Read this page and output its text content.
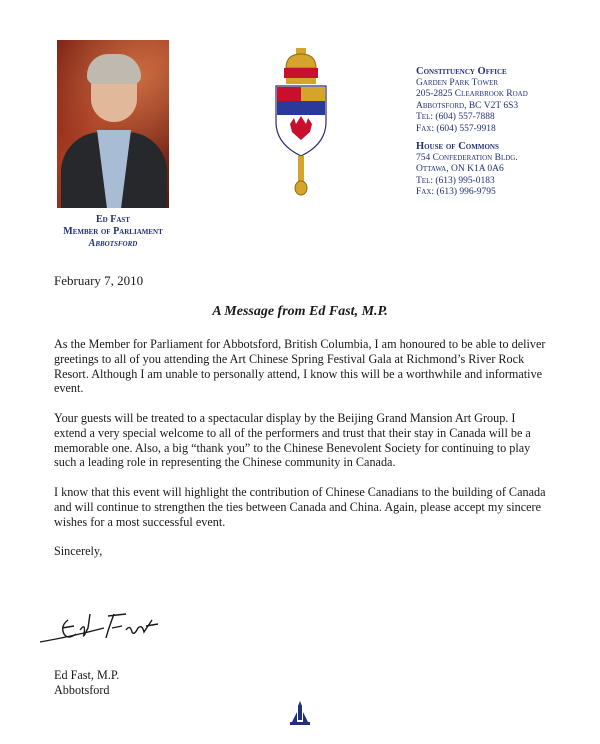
Ed Fast
Member of Parliament
Abbotsford
Constituency Office
Garden Park Tower
205-2825 Clearbrook Road
Abbotsford, BC V2T 6S3
Tel: (604) 557-7888
Fax: (604) 557-9918
House of Commons
754 Confederation Bldg.
Ottawa, ON K1A 0A6
Tel: (613) 995-0183
Fax: (613) 996-9795
February 7, 2010
A Message from Ed Fast, M.P.

As the Member for Parliament for Abbotsford, British Columbia, I am honoured to be able to deliver greetings to all of you attending the Art Chinese Spring Festival Gala at Richmond’s River Rock Resort. Although I am unable to personally attend, I know this will be a worthwhile and informative event.

Your guests will be treated to a spectacular display by the Beijing Grand Mansion Art Group. I extend a very special welcome to all of the performers and trust that their stay in Canada will be a memorable one. Also, a big “thank you” to the Chinese Benevolent Society for continuing to play such a leading role in representing the Chinese community in Canada.

I know that this event will highlight the contribution of Chinese Canadians to the building of Canada and will continue to strengthen the ties between Canada and China. Again, please accept my sincere wishes for a most successful event.

Sincerely,

Ed Fast, M.P.
Abbotsford
